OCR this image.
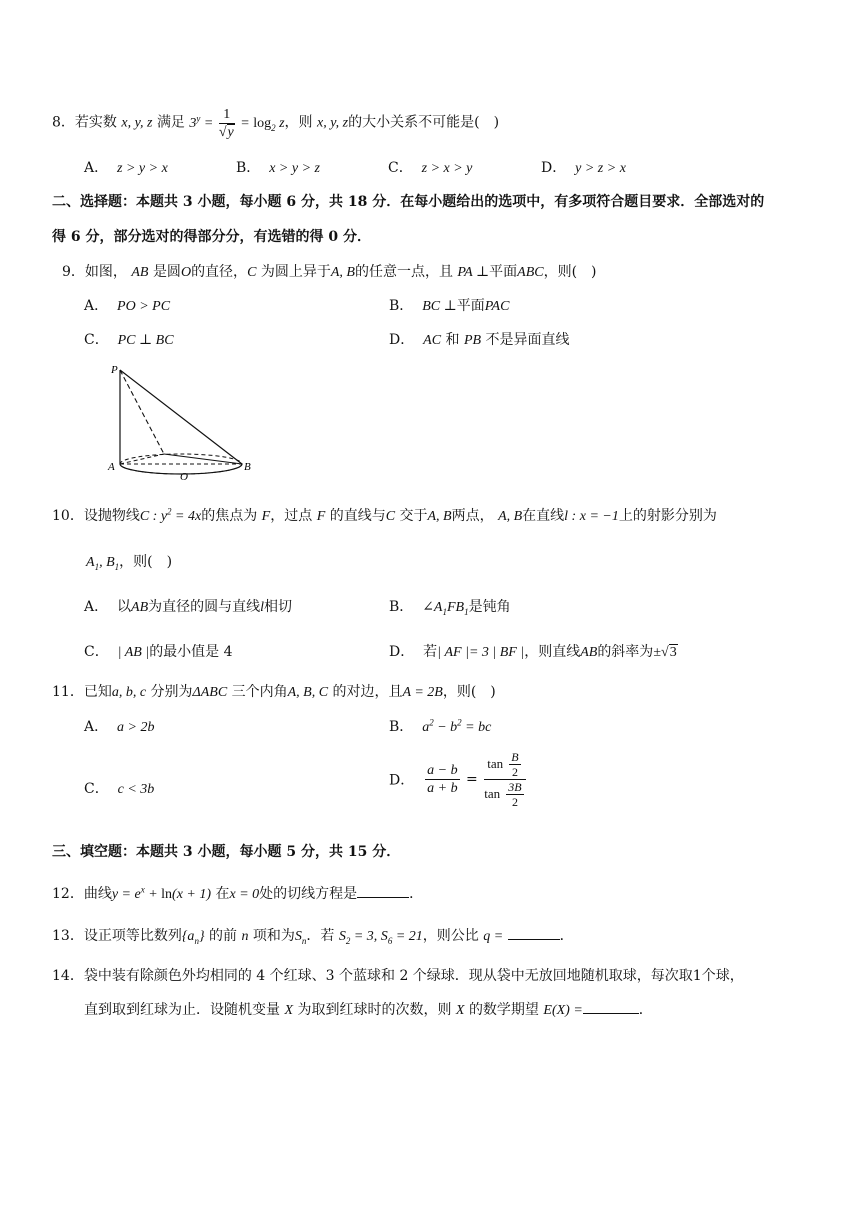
8．若实数 x, y, z 满足 $3^y = \frac{1}{√y} = \log_2 z$，则 x, y, z的大小关系不可能是(　)
A． z > y > x	B． x > y > z	C． z > x > y	D． y > z > x
二、选择题：本题共 3 小题，每小题 6 分，共 18 分．在每小题给出的选项中，有多项符合题目要求．全部选对的
得 6 分，部分选对的得部分分，有选错的得 0 分．
9．如图， AB 是圆O的直径，C 为圆上异于A, B的任意一点，且 PA ⊥平面ABC，则(　)
A． PO > PC	B． BC ⊥平面PAC
C． PC ⊥ BC	D． AC 和 PB 不是异面直线
P
A	B
O
10．设抛物线C : $y^2 = 4x$的焦点为 F，过点 F 的直线与C 交于A, B两点， A, B在直线l : x = −1上的射影分别为
$A_1$, $B_1$，则(　)
A． 以AB为直径的圆与直线l相切	B． $\angle A_1FB_1$是钝角
C． | AB |的最小值是 4	D． 若| AF |= 3 | BF |，则直线AB的斜率为±√3
11．已知a, b, c 分别为ΔABC 三个内角A, B, C 的对边，且A = 2B，则(　)
A． a > 2b	B． $a^2 - b^2$ = bc
C． c < 3b
D． $\frac{a - b}{a + b} = \frac{\tan \frac{B}{2}}{\tan \frac{3B}{2}}$
三、填空题：本题共 3 小题，每小题 5 分，共 15 分．
12．曲线$y = e^x + \ln(x + 1)$ 在x = 0处的切线方程是	．
13．设正项等比数列$\{a_n\}$ 的前 n 项和为$S_n$．若 $S_2 = 3$, $S_6 = 21$，则公比 q =	．
14．袋中装有除颜色外均相同的 4 个红球、3 个蓝球和 2 个绿球．现从袋中无放回地随机取球，每次取1个球，
直到取到红球为止．设随机变量 X 为取到红球时的次数，则 X 的数学期望 E(X) =	．
